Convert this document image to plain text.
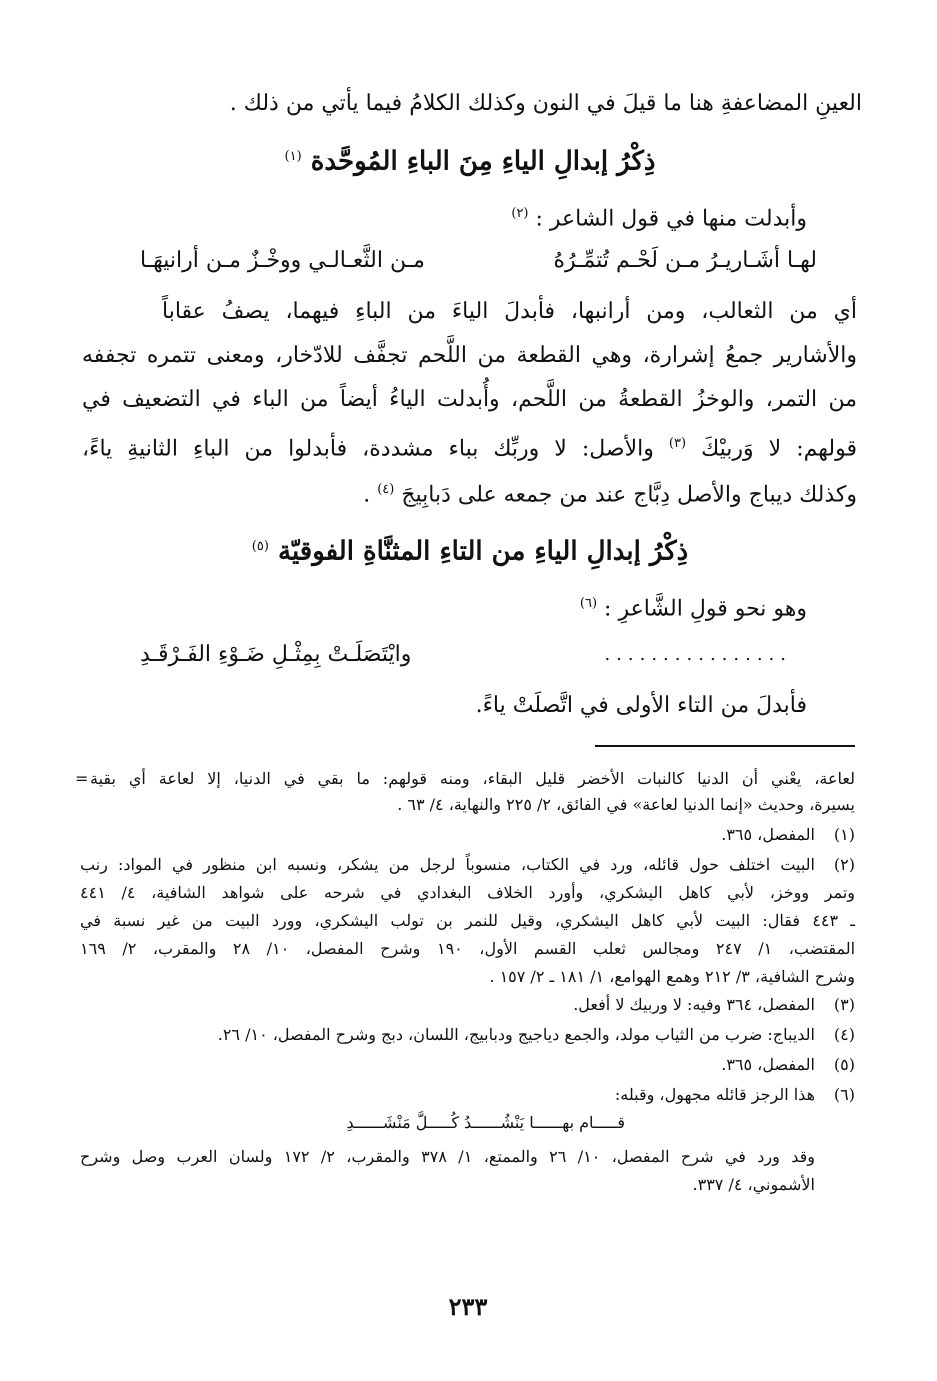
العينِ المضاعفةِ هنا ما قيلَ في النون وكذلك الكلامُ فيما يأتي من ذلك .
ذِكْرُ إبدالِ الياءِ مِنَ الباءِ المُوحَّدة $^{(١)}$
وأبدلت منها في قول الشاعر : $^{(٢)}$
لهـا أشَـاريـرُ مـن لَحْـم تُتمِّـرُهُ
مـن الثَّعـالـي ووخْـزٌ مـن أرانيهَـا
أي من الثعالب، ومن أرانبها، فأبدلَ الياءَ من الباءِ فيهما، يصفُ عقاباً
والأشارير جمعُ إشرارة، وهي القطعة من اللَّحم تجفَّف للادّخار، ومعنى تتمره تجففه
من التمر، والوخزُ القطعةُ من اللَّحم، وأُبدلت الياءُ أيضاً من الباء في التضعيف في
قولهم: لا وَربيْكَ $^{(٣)}$ والأصل: لا وربِّك بباء مشددة، فأبدلوا من الباءِ الثانيةِ ياءً،
وكذلك ديباج والأصل دِبَّاج عند من جمعه على دَبابِيجَ $^{(٤)}$ .
ذِكْرُ إبدالِ الياءِ من التاءِ المثنَّاةِ الفوقيّة $^{(٥)}$
وهو نحو قولِ الشَّاعرِ : $^{(٦)}$
................
وايْتَصَلَـتْ بِمِثْـلِ ضَـوْءِ الفَـرْقَـدِ
فأبدلَ من التاء الأولى في اتَّصلَتْ ياءً.
= لعاعة، يعْني أن الدنيا كالنبات الأخضر قليل البقاء، ومنه قولهم: ما بقي في الدنيا، إلا لعاعة أي بقية
يسيرة، وحديث «إنما الدنيا لعاعة» في الفائق، ٢/ ٢٢٥ والنهاية، ٤/ ٦٣ .
(١)
المفصل، ٣٦٥.
(٢)
البيت اختلف حول قائله، ورد في الكتاب، منسوباً لرجل من يشكر، ونسبه ابن منظور في المواد: رنب
وتمر ووخز، لأبي كاهل اليشكري، وأورد الخلاف البغدادي في شرحه على شواهد الشافية، ٤/ ٤٤١
ـ ٤٤٣ فقال: البيت لأبي كاهل اليشكري، وقيل للنمر بن تولب اليشكري، وورد البيت من غير نسبة في
المقتضب، ١/ ٢٤٧ ومجالس ثعلب القسم الأول، ١٩٠ وشرح المفصل، ١٠/ ٢٨ والمقرب، ٢/ ١٦٩
وشرح الشافية، ٣/ ٢١٢ وهمع الهوامع، ١/ ١٨١ ـ ٢/ ١٥٧ .
(٣)
المفصل، ٣٦٤ وفيه: لا وربيك لا أفعل.
(٤)
الديباج: ضرب من الثياب مولد، والجمع دياجيج ودبابيج، اللسان، دبج وشرح المفصل، ١٠/ ٢٦.
(٥)
المفصل، ٣٦٥.
(٦)
هذا الرجز قائله مجهول، وقبله:
قـــــام بهــــــا يَنْشُــــــدُ كُـــــلَّ مَنْشَــــــدِ
وقد ورد في شرح المفصل، ١٠/ ٢٦ والممتع، ١/ ٣٧٨ والمقرب، ٢/ ١٧٢ ولسان العرب وصل وشرح
الأشموني، ٤/ ٣٣٧.
٢٣٣
